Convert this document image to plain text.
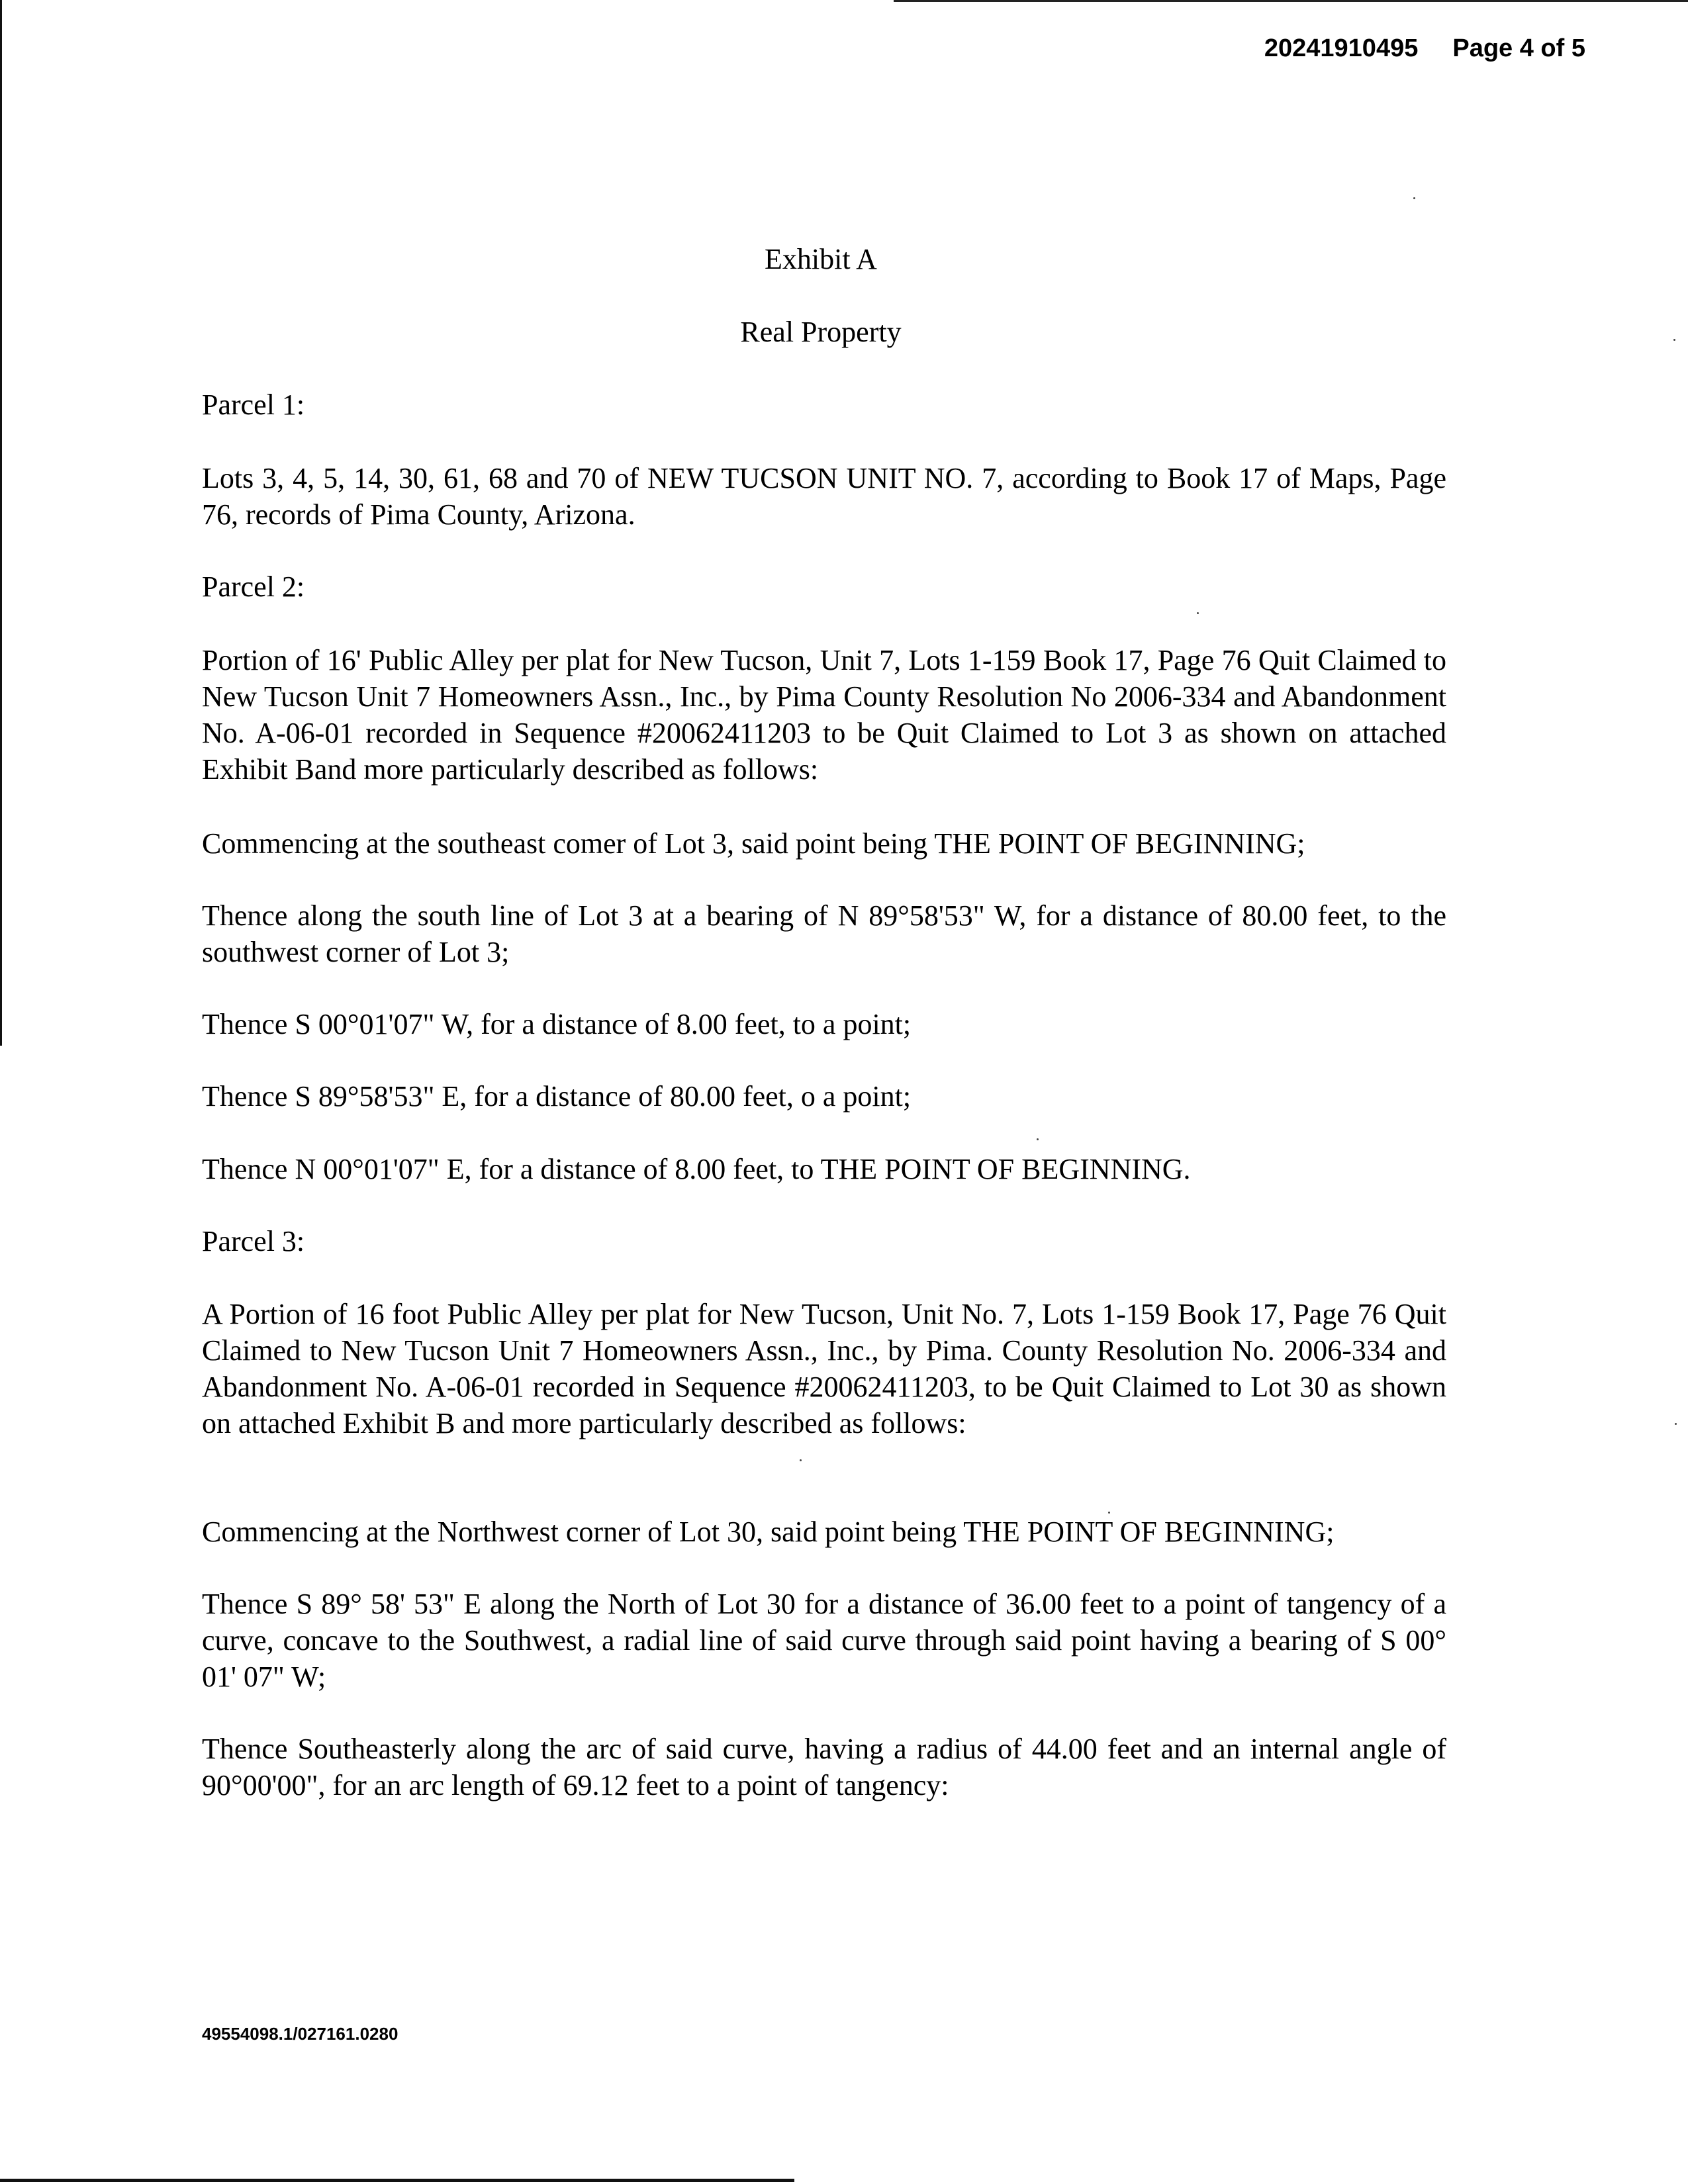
20241910495 Page 4 of 5
Exhibit A
Real Property
Parcel 1:
Lots 3, 4, 5, 14, 30, 61, 68 and 70 of NEW TUCSON UNIT NO. 7, according to Book 17 of Maps, Page 76, records of Pima County, Arizona.
Parcel 2:
Portion of 16' Public Alley per plat for New Tucson, Unit 7, Lots 1-159 Book 17, Page 76 Quit Claimed to New Tucson Unit 7 Homeowners Assn., Inc., by Pima County Resolution No 2006-334 and Abandonment No. A-06-01 recorded in Sequence #20062411203 to be Quit Claimed to Lot 3 as shown on attached Exhibit Band more particularly described as follows:
Commencing at the southeast comer of Lot 3, said point being THE POINT OF BEGINNING;
Thence along the south line of Lot 3 at a bearing of N 89°58'53" W, for a distance of 80.00 feet, to the southwest corner of Lot 3;
Thence S 00°01'07" W, for a distance of 8.00 feet, to a point;
Thence S 89°58'53" E, for a distance of 80.00 feet, o a point;
Thence N 00°01'07" E, for a distance of 8.00 feet, to THE POINT OF BEGINNING.
Parcel 3:
A Portion of 16 foot Public Alley per plat for New Tucson, Unit No. 7, Lots 1-159 Book 17, Page 76 Quit Claimed to New Tucson Unit 7 Homeowners Assn., Inc., by Pima. County Resolution No. 2006-334 and Abandonment No. A-06-01 recorded in Sequence #20062411203, to be Quit Claimed to Lot 30 as shown on attached Exhibit B and more particularly described as follows:
Commencing at the Northwest corner of Lot 30, said point being THE POINT OF BEGINNING;
Thence S 89° 58' 53" E along the North of Lot 30 for a distance of 36.00 feet to a point of tangency of a curve, concave to the Southwest, a radial line of said curve through said point having a bearing of S 00° 01' 07" W;
Thence Southeasterly along the arc of said curve, having a radius of 44.00 feet and an internal angle of 90°00'00", for an arc length of 69.12 feet to a point of tangency:
49554098.1/027161.0280
